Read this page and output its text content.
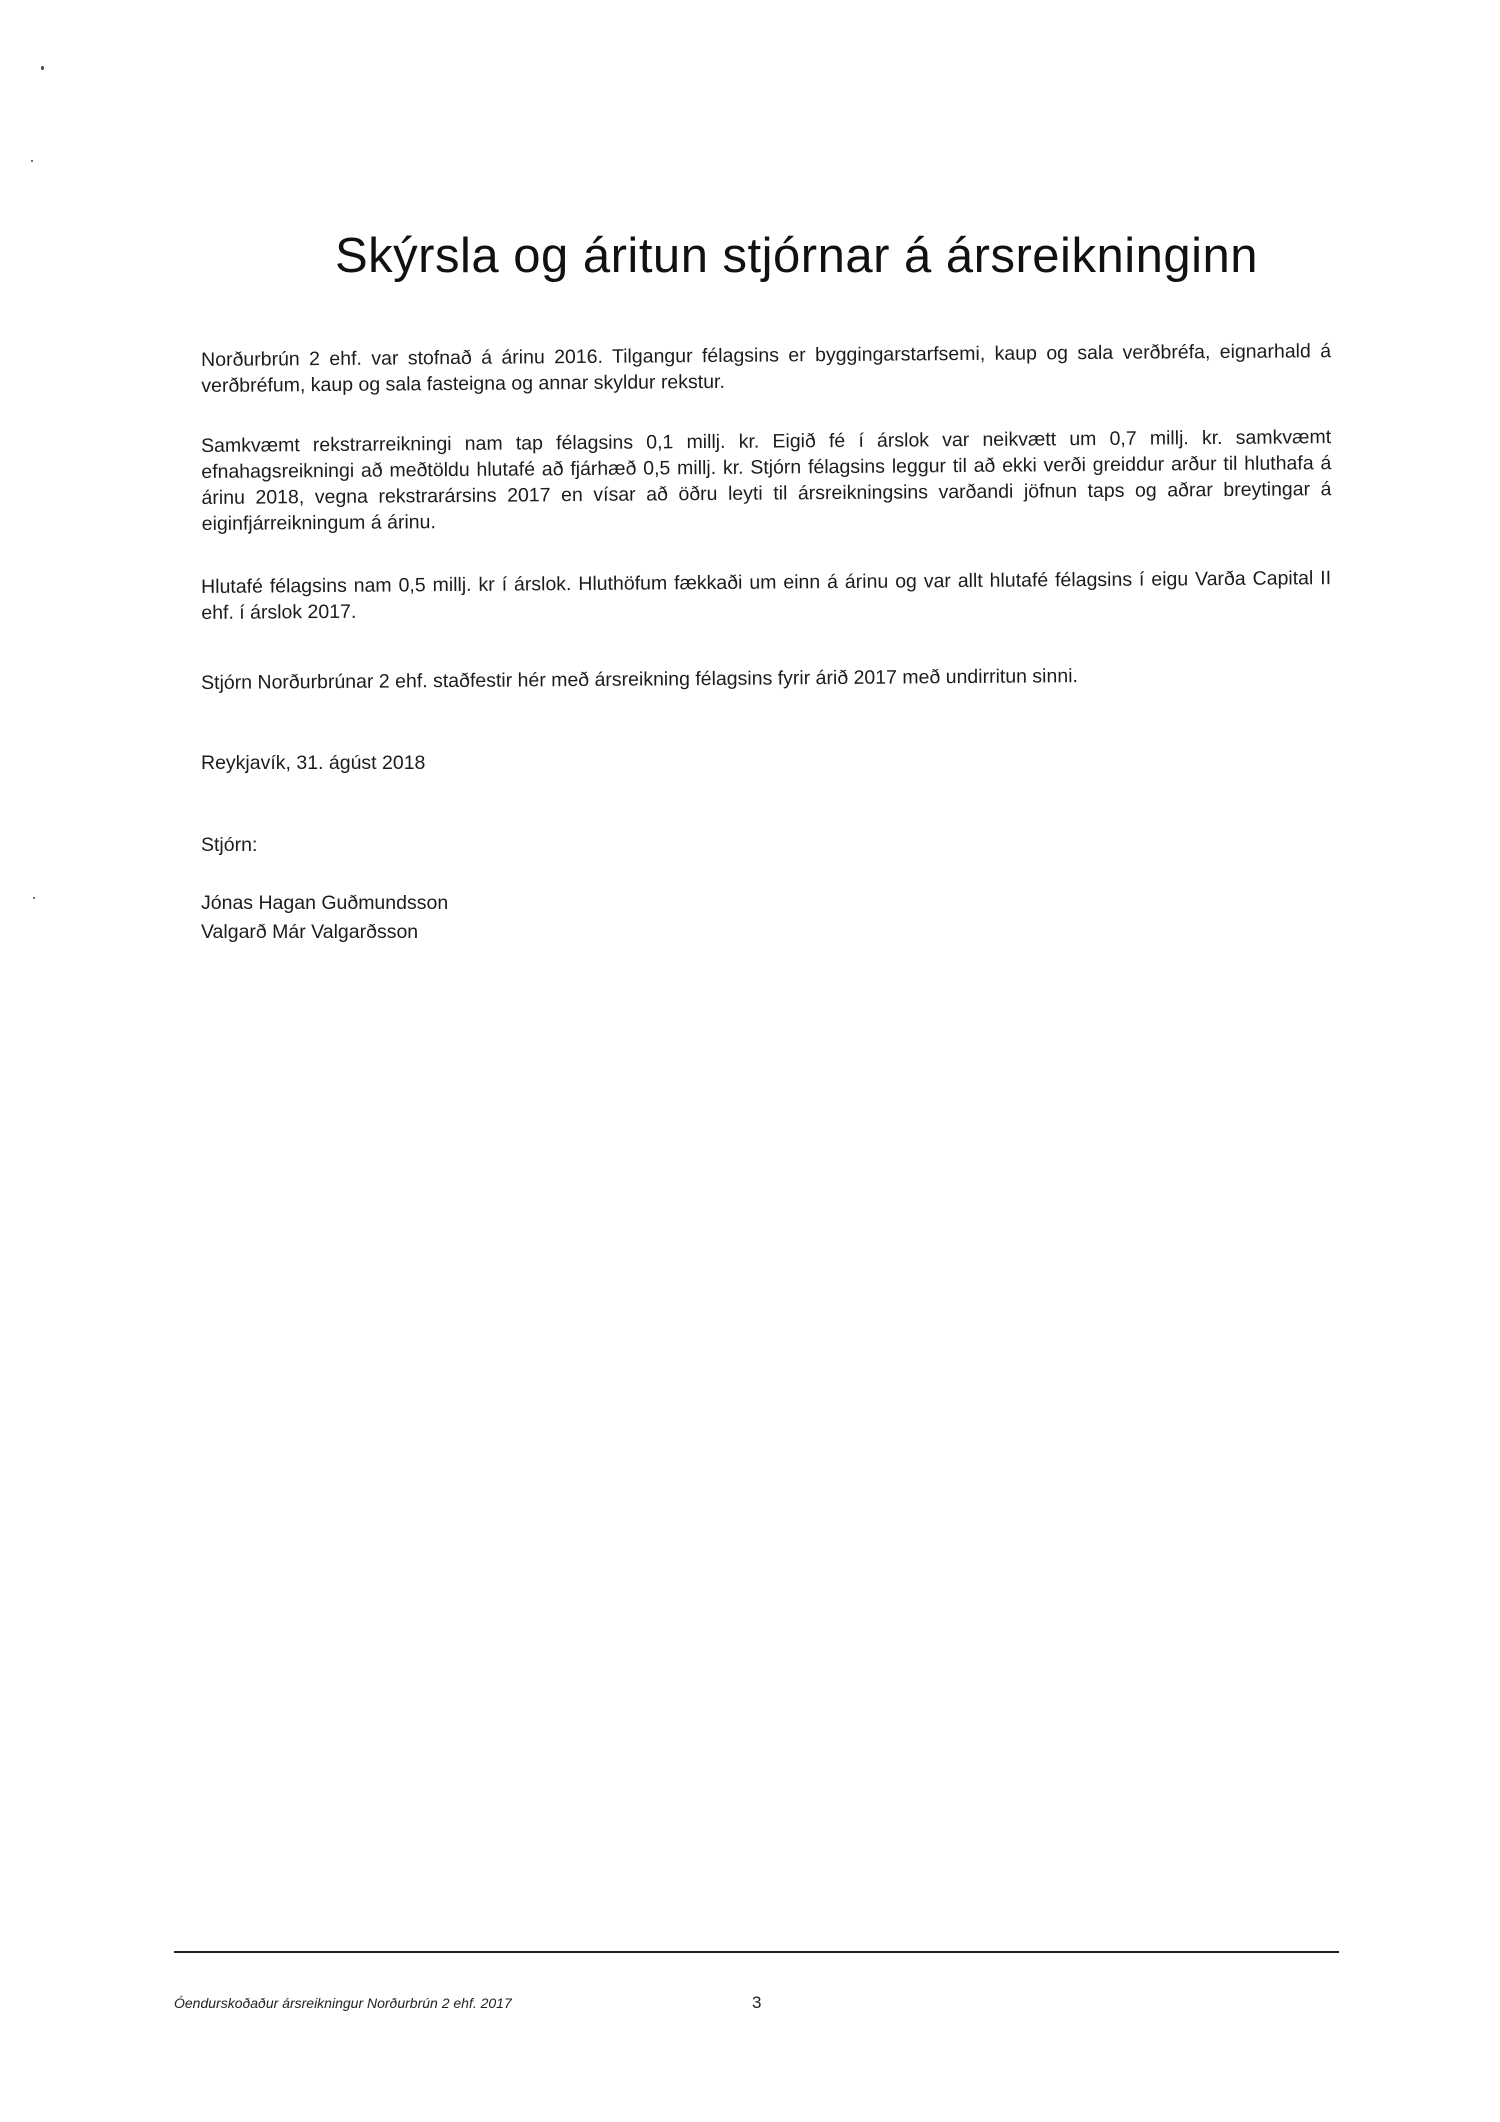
Skýrsla og áritun stjórnar á ársreikninginn
Norðurbrún 2 ehf. var stofnað á árinu 2016. Tilgangur félagsins er byggingarstarfsemi, kaup og sala verðbréfa, eignarhald á verðbréfum, kaup og sala fasteigna og annar skyldur rekstur.
Samkvæmt rekstrarreikningi nam tap félagsins 0,1 millj. kr. Eigið fé í árslok var neikvætt um 0,7 millj. kr. samkvæmt efnahagsreikningi að meðtöldu hlutafé að fjárhæð 0,5 millj. kr. Stjórn félagsins leggur til að ekki verði greiddur arður til hluthafa á árinu 2018, vegna rekstrarársins 2017 en vísar að öðru leyti til ársreikningsins varðandi jöfnun taps og aðrar breytingar á eiginfjárreikningum á árinu.
Hlutafé félagsins nam 0,5 millj. kr í árslok. Hluthöfum fækkaði um einn á árinu og var allt hlutafé félagsins í eigu Varða Capital II ehf. í árslok 2017.
Stjórn Norðurbrúnar 2 ehf. staðfestir hér með ársreikning félagsins fyrir árið 2017 með undirritun sinni.
Reykjavík, 31. ágúst 2018
Stjórn:
Jónas Hagan Guðmundsson
Valgarð Már Valgarðsson
Óendurskoðaður ársreikningur Norðurbrún 2 ehf. 2017	3
